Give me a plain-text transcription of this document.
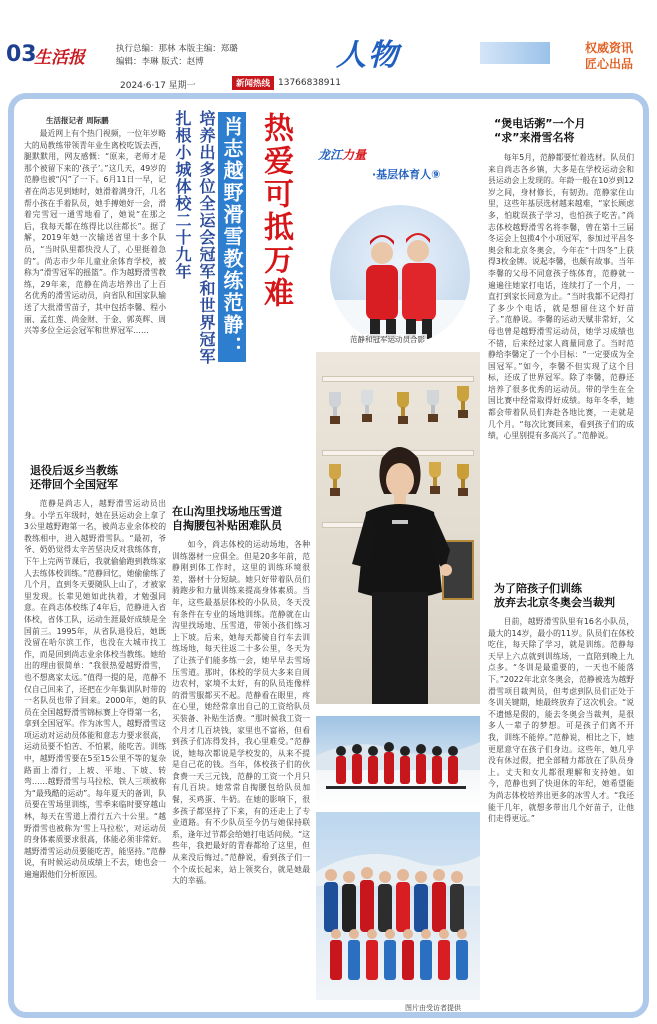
03
生活报	执行总编：那林 本版主编：郑璐
编辑：李琳 版式：赵博	人物	权威资讯
匠心出品
2024·6·17 星期一	新闻热线 13766838911
热爱可抵万难
肖志越野滑雪教练范静：
培养出多位全运会冠军和世界冠军
扎根小城体校二十九年	龙江力量
·基层体育人⑨
生活报记者 周际鹏

最近网上有个热门视频，一位年岁略大的局教练带领青年业生离校吃饭去西，腿默默用，网友感慨：“原来，老师才是那个被留下来的‘孩子’。”这几天，49岁的范静也被“闪”了一下。6月11日一早，记者在尚志见到她时，她滑着满身汗，几名帮小孩在手着队员，她手搏她好一会，滑着完雪冠一通雪地看了，她说“在那之后，我每天都在练得比以往都长”。据了解，2019年她一次输送省里十多个队员，“当时队里都快没人了，心里挺着急的”。尚志市少年儿童业余体育学校，被称为“滑雪冠军的摇篮”。作为越野滑雪教练，29年来，范静在尚志培养出了上百名优秀的滑雪运动员，向省队和国家队输送了大批滑雪苗子，其中包括李馨、程小丽、孟红莲、尚金财、于金、郭英辉、周兴等多位全运会冠军和世界冠军……

退役后返乡当教练
还带回个全国冠军

范静是尚志人，越野滑雪运动员出身。小学五年级时，她在县运动会上拿了3公里越野跑第一名，被尚志业余体校的教练相中，进入越野滑雪队。“最初，爷爷、奶奶觉得太辛苦坚决反对我练体育，下午上完两节课后，我就偷偷跑到教练家人去练体校训练。”范静回忆，她偷偷练了几个月，直到冬天要随队上山了，才被家里发现。长辈见她如此执着，才勉强同意。在尚志体校练了4年后，范静进入省体校，省体工队，运动生涯最好成绩是全国前三。1995年，从省队退役后，她既没留在哈尔滨工作，也没在大城市找工作，而是回到尚志业余体校当教练。她给出的理由很简单：“我很热爱越野滑雪，也不想离家太远。”值得一提的是，范静不仅自己回来了，还把在少年集训队时带的一名队员也带了回来。2000年，她的队员在全国越野滑雪锦标赛上夺得第一名，拿到全国冠军。作为冰雪人，越野滑雪这项运动对运动员体能和意志力要求很高，运动员要不怕苦、不怕累，能吃苦。训练中，越野滑雪要在5至15公里不等的复杂路面上滑行，上坡、平地、下坡、转弯……越野滑雪与马拉松、铁人三项被称为“最残酷的运动”。每年夏天的备训，队员要在雪场里训练，雪季来临时要穿越山林，每天在雪道上滑行五六十公里。“越野滑雪也被称为‘雪上马拉松’，对运动员的身体素质要求很高，体能必须非常好。越野滑雪运动员要能吃苦，能坚持。”范静说，有时候运动员成绩上不去，她也会一遍遍跟他们分析原因。

在山沟里找场地压雪道
自掏腰包补贴困难队员

如今，尚志体校的运动场地，各种训练器材一应俱全。但是20多年前，范静刚到体工作时，这里的训练环境很差，器材十分短缺。她只好带着队员们骑跑步和力量训练来提高身体素质。当年，这些最基层体校的小队员，冬天没有条件在专业的场地训练。范静就在山沟里找场地、压雪道，带领小孩们练习上下坡。后来，她每天都骑自行车去训练场地，每天往返二十多公里，冬天为了让孩子们能多练一会，她早早去雪场压雪道。那时，体校的学员大多来自周边农村，家境不太好，有的队员连像样的滑雪服都买不起。范静看在眼里，疼在心里，她经常拿出自己的工资给队员买装备、补贴生活费。“那时候我工资一个月才几百块钱，家里也不富裕，但看到孩子们冻得发抖，我心里难受。”范静说，她每次都说是学校发的，从来不提是自己花的钱。当年，体校孩子们的伙食费一天三元钱，范静的工资一个月只有几百块。她常常自掏腰包给队员加餐，买鸡蛋、牛奶。在她的影响下，很多孩子都坚持了下来，有的还走上了专业道路。有不少队员至今仍与她保持联系，逢年过节都会给她打电话问候。“这些年，我把最好的青春都给了这里，但从来没后悔过。”范静说，看到孩子们一个个成长起来，站上领奖台，就是她最大的幸福。

“煲电话粥”一个月
“求”来滑雪名将

每年5月，范静都要忙着选材。队员们来自尚志各乡镇，大多是在学校运动会和县运动会上发现的。年龄一般在10岁到12岁之间，身材修长，有韧劲。范静家住山里，这些年基层选材越来越难，“家长顾虑多，怕耽误孩子学习，也怕孩子吃苦。”尚志体校越野滑雪名将李馨，曾在第十三届冬运会上包揽4个小项冠军，参加过平昌冬奥会和北京冬奥会，今年在“十四冬”上获得3枚金牌。说起李馨，也颇有故事。当年李馨的父母不同意孩子练体育，范静就一遍遍往她家打电话，连续打了一个月，一直打到家长同意为止。“当时我都不记得打了多少个电话，就是想留住这个好苗子。”范静说。李馨的运动天赋非常好，父母也曾是越野滑雪运动员，她学习成绩也不错，后来经过家人商量同意了。当时范静给李馨定了一个小目标：“一定要成为全国冠军。”如今，李馨不但实现了这个目标，还成了世界冠军。除了李馨，范静还培养了很多优秀的运动员。带的学生在全国比赛中经常取得好成绩。每年冬季，她都会带着队员们奔赴各地比赛，一走就是几个月。“每次比赛回来，看到孩子们的成绩，心里别提有多高兴了。”范静说。

为了陪孩子们训练
放弃去北京冬奥会当裁判

目前，越野滑雪队里有16名小队员，最大的14岁，最小的11岁。队员们在体校吃住，每天除了学习，就是训练。范静每天早上六点就到训练场，一直陪到晚上九点多。“冬训是最重要的，一天也不能落下。”2022年北京冬奥会，范静被选为越野滑雪项目裁判员，但考虑到队员们正处于冬训关键期，她最终放弃了这次机会。“说不遗憾是假的，能去冬奥会当裁判，是很多人一辈子的梦想。可是孩子们离不开我，训练不能停。”范静说，相比之下，她更愿意守在孩子们身边。这些年，她几乎没有休过假，把全部精力都放在了队员身上。丈夫和女儿都很理解和支持她。如今，范静也到了快退休的年纪，她希望能为尚志体校培养出更多的冰雪人才。“我还能干几年，就想多带出几个好苗子，让他们走得更远。”

范静和冠军运动员合影
图片由受访者提供
